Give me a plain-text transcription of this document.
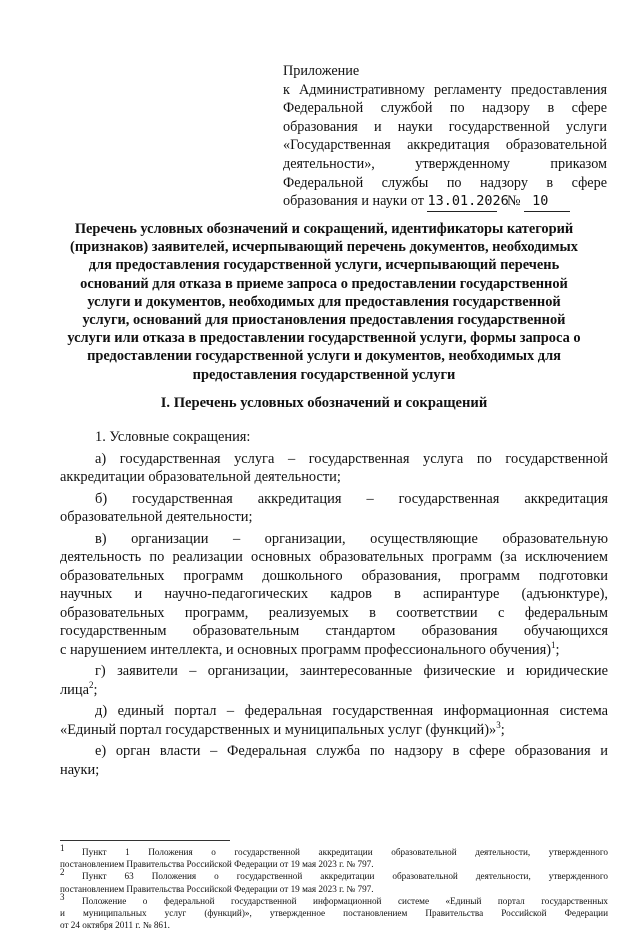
Приложение
к Административному регламенту предоставления
Федеральной службой по надзору в сфере
образования и науки государственной услуги
«Государственная аккредитация образовательной
деятельности», утвержденному приказом
Федеральной службы по надзору в сфере
образования и науки от 13.01.2026 № 10
Перечень условных обозначений и сокращений, идентификаторы категорий
(признаков) заявителей, исчерпывающий перечень документов, необходимых
для предоставления государственной услуги, исчерпывающий перечень
оснований для отказа в приеме запроса о предоставлении государственной
услуги и документов, необходимых для предоставления государственной
услуги, оснований для приостановления предоставления государственной
услуги или отказа в предоставлении государственной услуги, формы запроса о
предоставлении государственной услуги и документов, необходимых для
предоставления государственной услуги
I. Перечень условных обозначений и сокращений
1. Условные сокращения:
а) государственная услуга – государственная услуга по государственной
аккредитации образовательной деятельности;
б) государственная аккредитация – государственная аккредитация
образовательной деятельности;
в) организации – организации, осуществляющие образовательную
деятельность по реализации основных образовательных программ (за исключением
образовательных программ дошкольного образования, программ подготовки
научных и научно-педагогических кадров в аспирантуре (адъюнктуре),
образовательных программ, реализуемых в соответствии с федеральным
государственным образовательным стандартом образования обучающихся
с нарушением интеллекта, и основных программ профессионального обучения)$^1$;
г) заявители – организации, заинтересованные физические и юридические
лица$^2$;
д) единый портал – федеральная государственная информационная система
«Единый портал государственных и муниципальных услуг (функций)»$^3$;
е) орган власти – Федеральная служба по надзору в сфере образования и
науки;
$^1$ Пункт 1 Положения о государственной аккредитации образовательной деятельности, утвержденного
постановлением Правительства Российской Федерации от 19 мая 2023 г. № 797.
$^2$ Пункт 63 Положения о государственной аккредитации образовательной деятельности, утвержденного
постановлением Правительства Российской Федерации от 19 мая 2023 г. № 797.
$^3$ Положение о федеральной государственной информационной системе «Единый портал государственных
и муниципальных услуг (функций)», утвержденное постановлением Правительства Российской Федерации
от 24 октября 2011 г. № 861.
